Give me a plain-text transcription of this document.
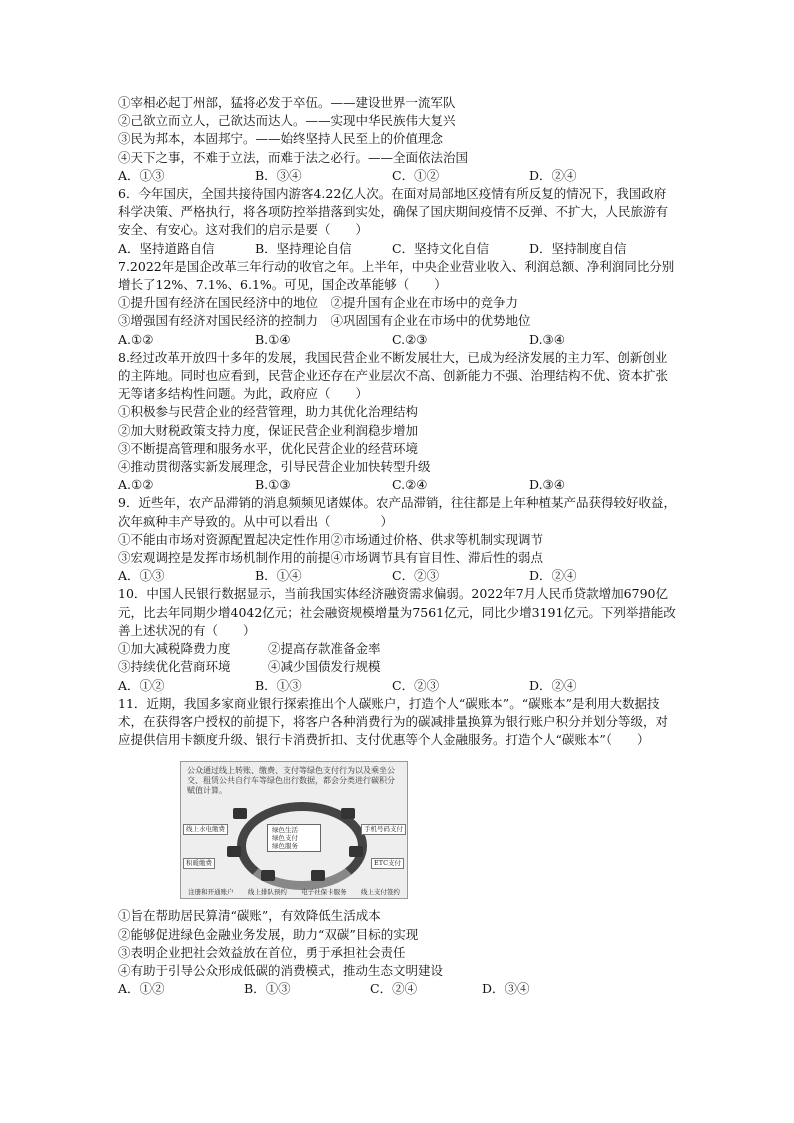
①宰相必起丁州部，猛将必发于卒伍。——建设世界一流军队
②己欲立而立人，己欲达而达人。——实现中华民族伟大复兴
③民为邦本，本固邦宁。——始终坚持人民至上的价值理念
④天下之事，不难于立法，而难于法之必行。——全面依法治国
A．①③	B．③④	C．①②	D．②④
6．今年国庆，全国共接待国内游客4.22亿人次。在面对局部地区疫情有所反复的情况下，我国政府科学决策、严格执行，将各项防控举措落到实处，确保了国庆期间疫情不反弹、不扩大，人民旅游有安全、有安心。这对我们的启示是要（　　）
A．坚持道路自信	B．坚持理论自信	C．坚持文化自信	D．坚持制度自信
7.2022年是国企改革三年行动的收官之年。上半年，中央企业营业收入、利润总额、净利润同比分别增长了12%、7.1%、6.1%。可见，国企改革能够（　　）
①提升国有经济在国民经济中的地位　②提升国有企业在市场中的竞争力
③增强国有经济对国民经济的控制力　④巩固国有企业在市场中的优势地位
A.①②	B.①④	C.②③	D.③④
8.经过改革开放四十多年的发展，我国民营企业不断发展壮大，已成为经济发展的主力军、创新创业的主阵地。同时也应看到，民营企业还存在产业层次不高、创新能力不强、治理结构不优、资本扩张无等诸多结构性问题。为此，政府应（　　）
①积极参与民营企业的经营管理，助力其优化治理结构
②加大财税政策支持力度，保证民营企业利润稳步增加
③不断提高管理和服务水平，优化民营企业的经营环境
④推动贯彻落实新发展理念，引导民营企业加快转型升级
A.①②	B.①③	C.②④	D.③④
9．近些年，农产品滞销的消息频频见诸媒体。农产品滞销，往往都是上年种植某产品获得较好收益，次年疯种丰产导致的。从中可以看出（　　　　）
①不能由市场对资源配置起决定性作用②市场通过价格、供求等机制实现调节
③宏观调控是发挥市场机制作用的前提④市场调节具有盲目性、滞后性的弱点
A．①③	B．①④	C．②③	D．②④
10．中国人民银行数据显示，当前我国实体经济融资需求偏弱。2022年7月人民币贷款增加6790亿元，比去年同期少增4042亿元；社会融资规模增量为7561亿元，同比少增3191亿元。下列举措能改善上述状况的有（　　）
①加大减税降费力度　　　②提高存款准备金率
③持续优化营商环境　　　④减少国债发行规模
A．①②	B．①③	C．②③	D．②④
11．近期，我国多家商业银行探索推出个人碳账户，打造个人“碳账本”。“碳账本”是利用大数据技术，在获得客户授权的前提下，将客户各种消费行为的碳减排量换算为银行账户积分并划分等级，对应提供信用卡额度升级、银行卡消费折扣、支付优惠等个人金融服务。打造个人“碳账本”（　　）
公众通过线上转账、缴费、支付等绿色支付行为以及乘坐公交、租赁公共自行车等绿色出行数据，都会分类进行碳积分赋值计算。
绿色生活
绿色支付
绿色服务
线上水电缴费	手机号码支付
积暖缴费	ETC支付
注册和开通账户 线上排队预约 电子社保卡服务 线上支付签约
①旨在帮助居民算清“碳账”，有效降低生活成本
②能够促进绿色金融业务发展，助力“双碳”目标的实现
③表明企业把社会效益放在首位，勇于承担社会责任
④有助于引导公众形成低碳的消费模式，推动生态文明建设
A．①②	B．①③	C．②④	D．③④
